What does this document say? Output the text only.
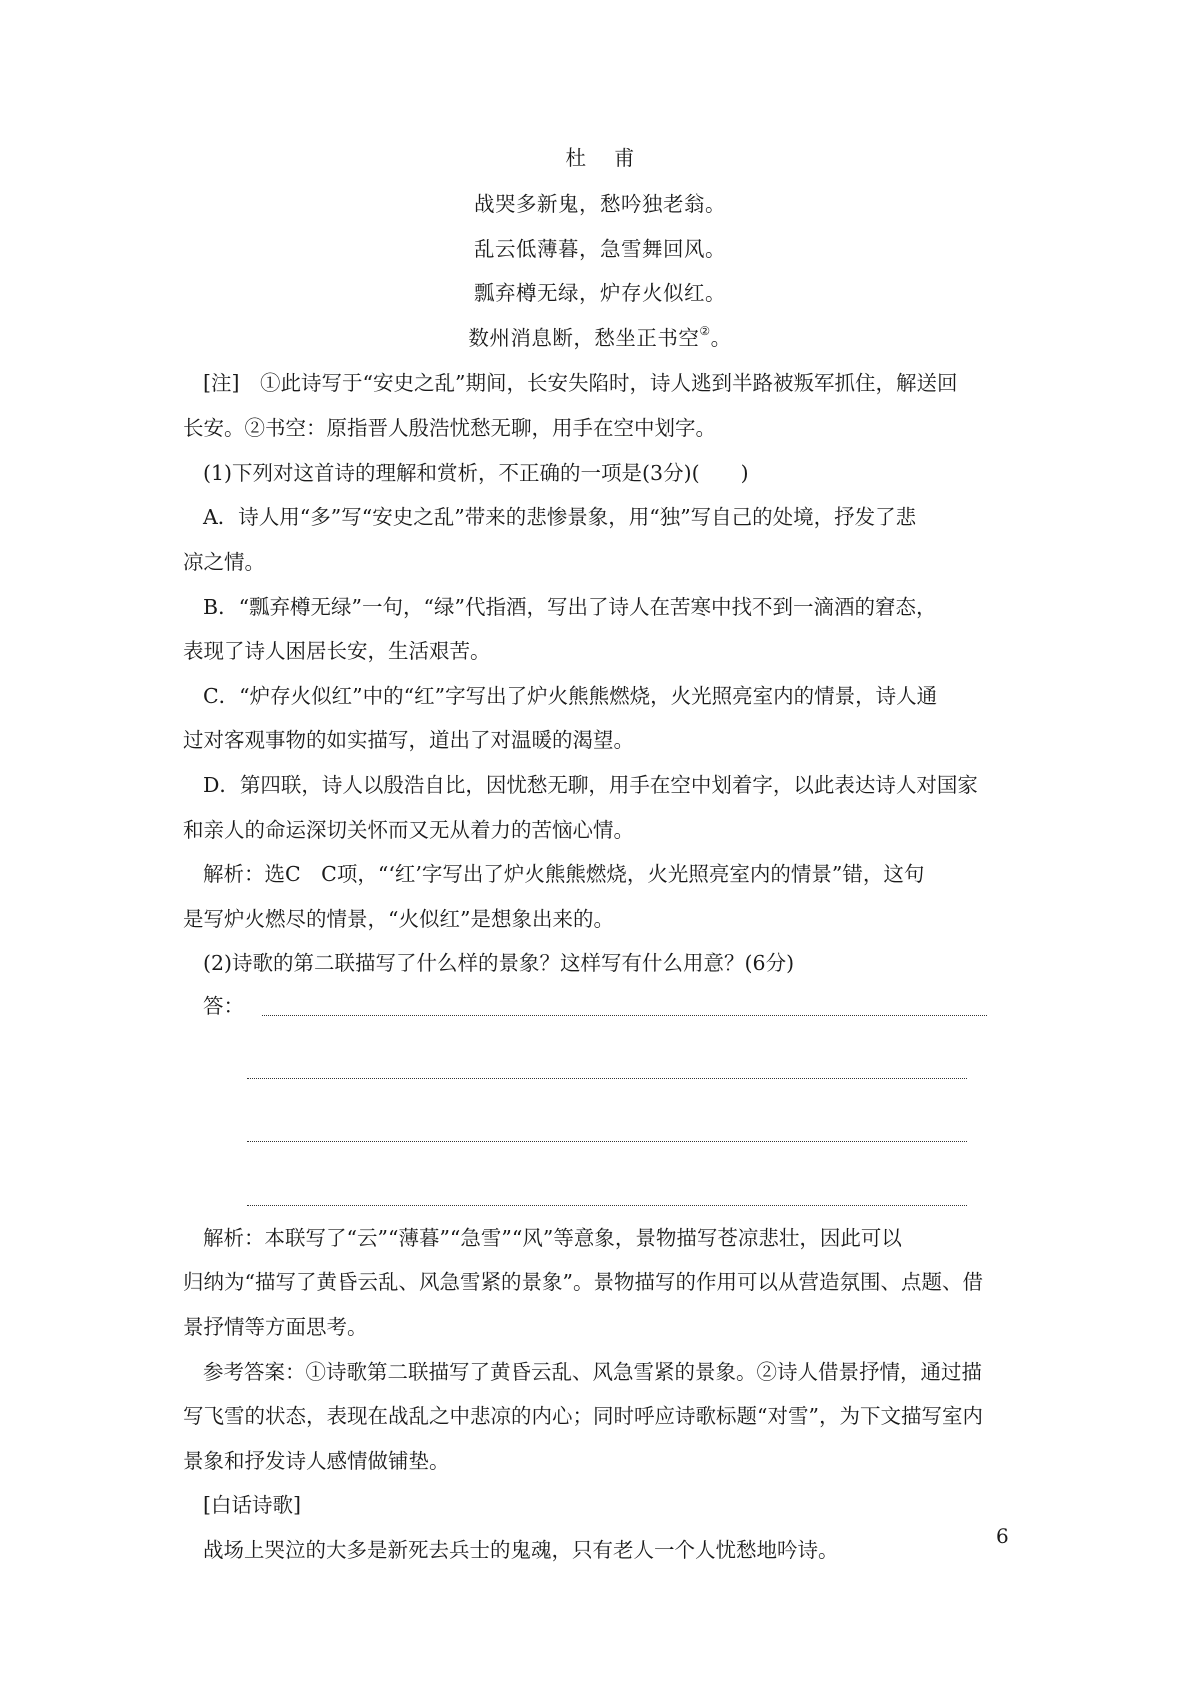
杜甫
战哭多新鬼，愁吟独老翁。
乱云低薄暮，急雪舞回风。
瓢弃樽无绿，炉存火似红。
数州消息断，愁坐正书空②。
[注]　①此诗写于“安史之乱”期间，长安失陷时，诗人逃到半路被叛军抓住，解送回
长安。②书空：原指晋人殷浩忧愁无聊，用手在空中划字。
(1)下列对这首诗的理解和赏析，不正确的一项是(3分)(　　)
A．诗人用“多”写“安史之乱”带来的悲惨景象，用“独”写自己的处境，抒发了悲
凉之情。
B．“瓢弃樽无绿”一句，“绿”代指酒，写出了诗人在苦寒中找不到一滴酒的窘态，
表现了诗人困居长安，生活艰苦。
C．“炉存火似红”中的“红”字写出了炉火熊熊燃烧，火光照亮室内的情景，诗人通
过对客观事物的如实描写，道出了对温暖的渴望。
D．第四联，诗人以殷浩自比，因忧愁无聊，用手在空中划着字，以此表达诗人对国家
和亲人的命运深切关怀而又无从着力的苦恼心情。
解析：选C　C项，“‘红’字写出了炉火熊熊燃烧，火光照亮室内的情景”错，这句
是写炉火燃尽的情景，“火似红”是想象出来的。
(2)诗歌的第二联描写了什么样的景象？这样写有什么用意？(6分)
答：
解析：本联写了“云”“薄暮”“急雪”“风”等意象，景物描写苍凉悲壮，因此可以
归纳为“描写了黄昏云乱、风急雪紧的景象”。景物描写的作用可以从营造氛围、点题、借
景抒情等方面思考。
参考答案：①诗歌第二联描写了黄昏云乱、风急雪紧的景象。②诗人借景抒情，通过描
写飞雪的状态，表现在战乱之中悲凉的内心；同时呼应诗歌标题“对雪”，为下文描写室内
景象和抒发诗人感情做铺垫。
[白话诗歌]
战场上哭泣的大多是新死去兵士的鬼魂，只有老人一个人忧愁地吟诗。
6
